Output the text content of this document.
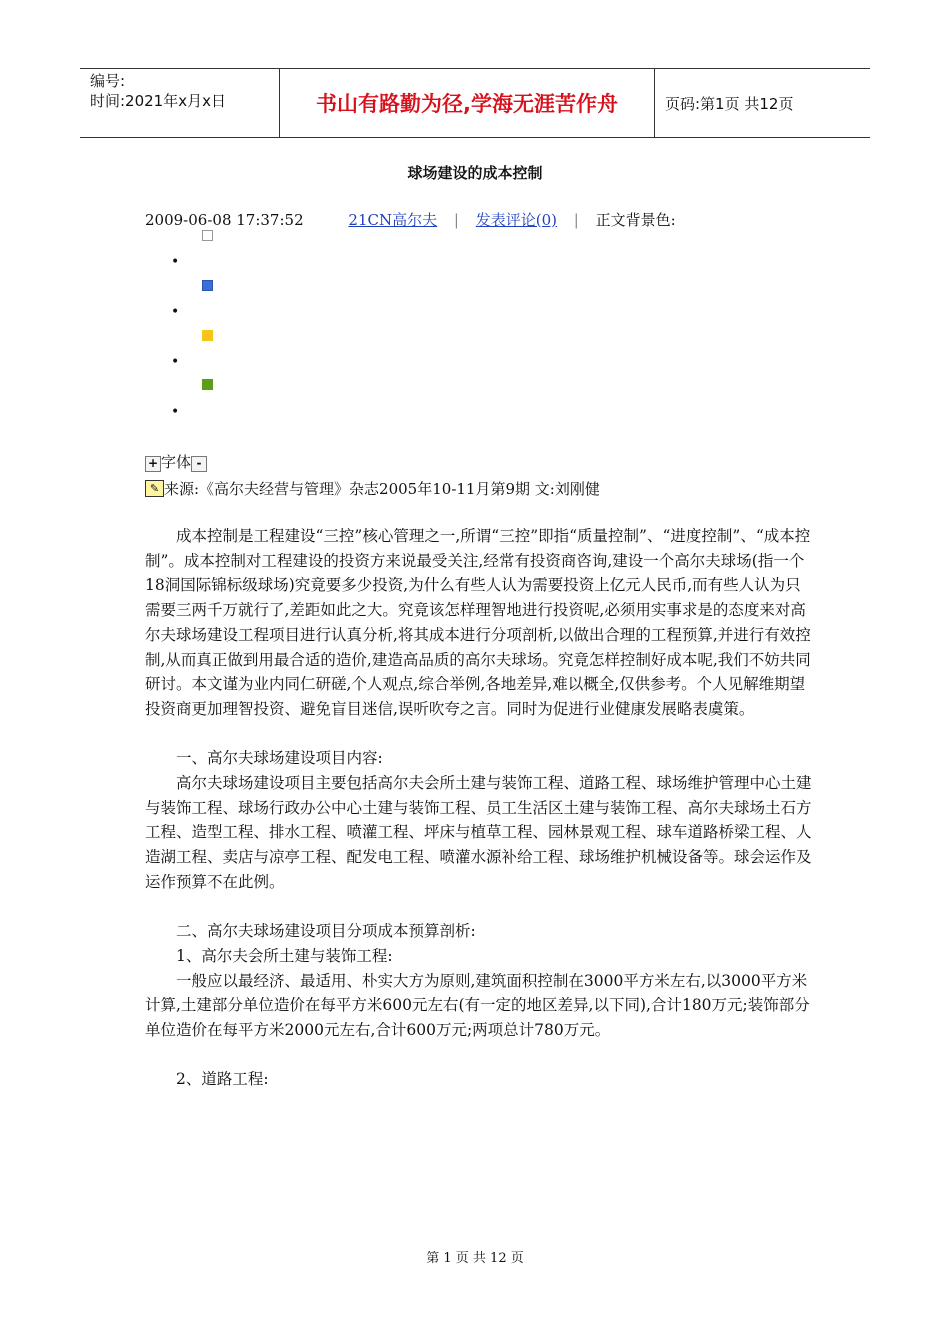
编号:
时间:2021年x月x日	书山有路勤为径,学海无涯苦作舟	页码:第1页 共12页
球场建设的成本控制
2009-06-08 17:37:52	21CN高尔夫 | 发表评论(0) | 正文背景色:
•
•
•
•
+ 字体 -
✎ 来源:《高尔夫经营与管理》杂志2005年10-11月第9期 文:刘刚健

成本控制是工程建设“三控”核心管理之一,所谓“三控”即指“质量控制”、“进度控制”、“成本控制”。成本控制对工程建设的投资方来说最受关注,经常有投资商咨询,建设一个高尔夫球场(指一个18洞国际锦标级球场)究竟要多少投资,为什么有些人认为需要投资上亿元人民币,而有些人认为只需要三两千万就行了,差距如此之大。究竟该怎样理智地进行投资呢,必须用实事求是的态度来对高尔夫球场建设工程项目进行认真分析,将其成本进行分项剖析,以做出合理的工程预算,并进行有效控制,从而真正做到用最合适的造价,建造高品质的高尔夫球场。究竟怎样控制好成本呢,我们不妨共同研讨。本文谨为业内同仁研磋,个人观点,综合举例,各地差异,难以概全,仅供参考。个人见解维期望投资商更加理智投资、避免盲目迷信,误听吹夸之言。同时为促进行业健康发展略表虞策。

一、高尔夫球场建设项目内容:

高尔夫球场建设项目主要包括高尔夫会所土建与装饰工程、道路工程、球场维护管理中心土建与装饰工程、球场行政办公中心土建与装饰工程、员工生活区土建与装饰工程、高尔夫球场土石方工程、造型工程、排水工程、喷灌工程、坪床与植草工程、园林景观工程、球车道路桥梁工程、人造湖工程、卖店与凉亭工程、配发电工程、喷灌水源补给工程、球场维护机械设备等。球会运作及运作预算不在此例。

二、高尔夫球场建设项目分项成本预算剖析:

1、高尔夫会所土建与装饰工程:

一般应以最经济、最适用、朴实大方为原则,建筑面积控制在3000平方米左右,以3000平方米计算,土建部分单位造价在每平方米600元左右(有一定的地区差异,以下同),合计180万元;装饰部分单位造价在每平方米2000元左右,合计600万元;两项总计780万元。

2、道路工程:

第 1 页 共 12 页
